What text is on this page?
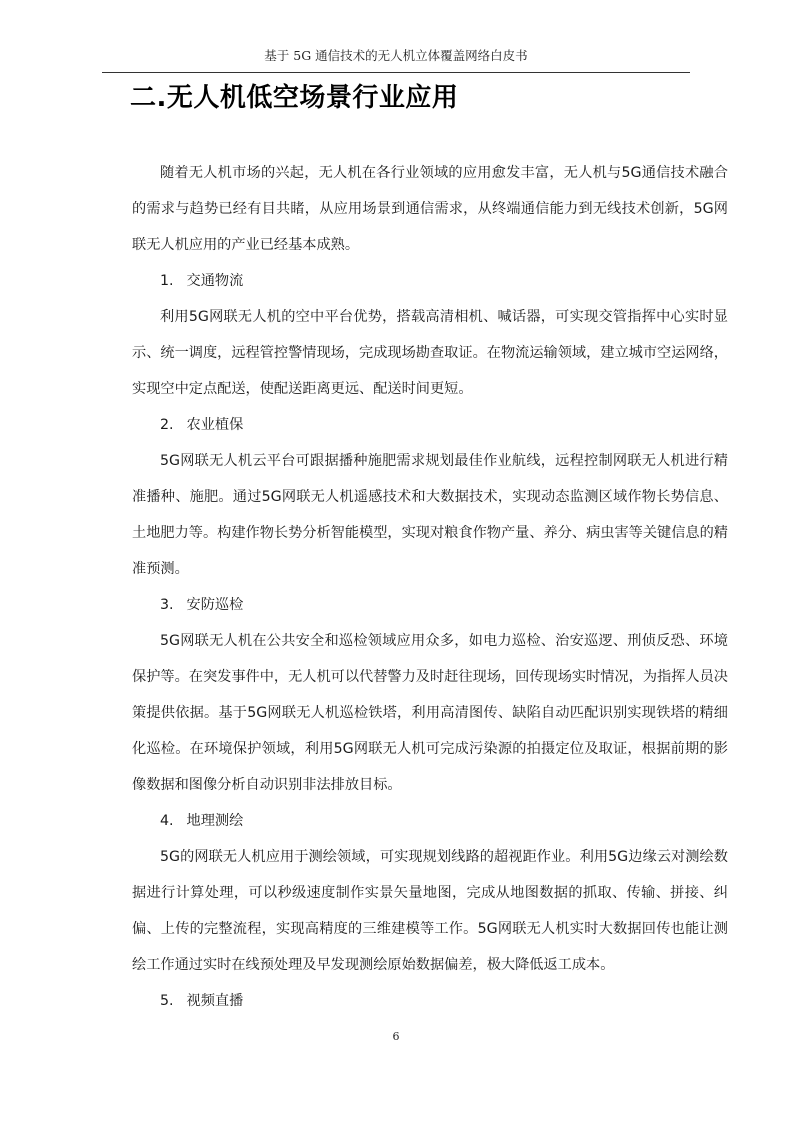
基于 5G 通信技术的无人机立体覆盖网络白皮书
二.无人机低空场景行业应用

随着无人机市场的兴起，无人机在各行业领域的应用愈发丰富，无人机与5G通信技术融合的需求与趋势已经有目共睹，从应用场景到通信需求，从终端通信能力到无线技术创新，5G网联无人机应用的产业已经基本成熟。

1. 交通物流

利用5G网联无人机的空中平台优势，搭载高清相机、喊话器，可实现交管指挥中心实时显示、统一调度，远程管控警情现场，完成现场勘查取证。在物流运输领域，建立城市空运网络，实现空中定点配送，使配送距离更远、配送时间更短。

2. 农业植保

5G网联无人机云平台可跟据播种施肥需求规划最佳作业航线，远程控制网联无人机进行精准播种、施肥。通过5G网联无人机遥感技术和大数据技术，实现动态监测区域作物长势信息、土地肥力等。构建作物长势分析智能模型，实现对粮食作物产量、养分、病虫害等关键信息的精准预测。

3. 安防巡检

5G网联无人机在公共安全和巡检领域应用众多，如电力巡检、治安巡逻、刑侦反恐、环境保护等。在突发事件中，无人机可以代替警力及时赶往现场，回传现场实时情况，为指挥人员决策提供依据。基于5G网联无人机巡检铁塔，利用高清图传、缺陷自动匹配识别实现铁塔的精细化巡检。在环境保护领域，利用5G网联无人机可完成污染源的拍摄定位及取证，根据前期的影像数据和图像分析自动识别非法排放目标。

4. 地理测绘

5G的网联无人机应用于测绘领域，可实现规划线路的超视距作业。利用5G边缘云对测绘数据进行计算处理，可以秒级速度制作实景矢量地图，完成从地图数据的抓取、传输、拼接、纠偏、上传的完整流程，实现高精度的三维建模等工作。5G网联无人机实时大数据回传也能让测绘工作通过实时在线预处理及早发现测绘原始数据偏差，极大降低返工成本。

5. 视频直播

6
